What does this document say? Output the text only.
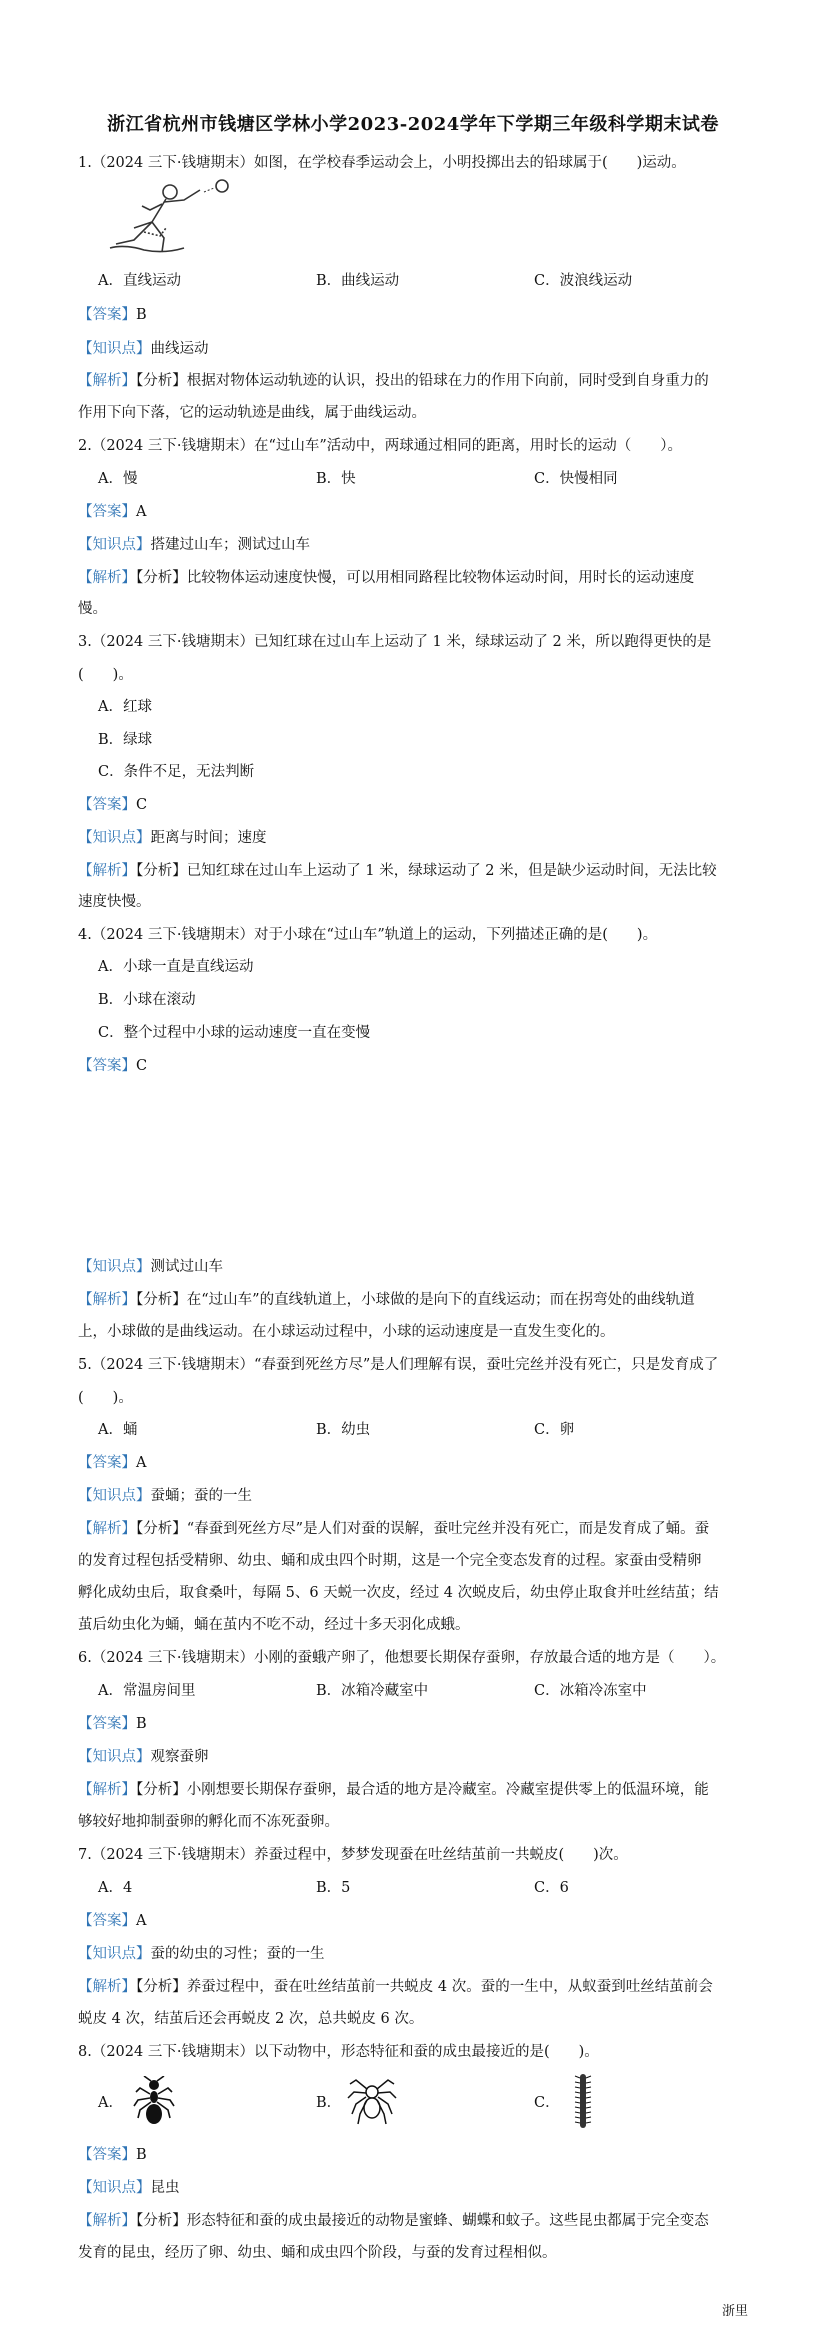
浙江省杭州市钱塘区学林小学2023-2024学年下学期三年级科学期末试卷
1.（2024 三下·钱塘期末）如图，在学校春季运动会上，小明投掷出去的铅球属于(　　)运动。
A．直线运动	B．曲线运动	C．波浪线运动
【答案】B
【知识点】曲线运动
【解析】【分析】根据对物体运动轨迹的认识，投出的铅球在力的作用下向前，同时受到自身重力的
作用下向下落，它的运动轨迹是曲线，属于曲线运动。
2.（2024 三下·钱塘期末）在“过山车”活动中，两球通过相同的距离，用时长的运动（　　）。
A．慢	B．快	C．快慢相同
【答案】A
【知识点】搭建过山车；测试过山车
【解析】【分析】比较物体运动速度快慢，可以用相同路程比较物体运动时间，用时长的运动速度
慢。
3.（2024 三下·钱塘期末）已知红球在过山车上运动了 1 米，绿球运动了 2 米，所以跑得更快的是
(　　)。
A．红球
B．绿球
C．条件不足，无法判断
【答案】C
【知识点】距离与时间；速度
【解析】【分析】已知红球在过山车上运动了 1 米，绿球运动了 2 米，但是缺少运动时间，无法比较
速度快慢。
4.（2024 三下·钱塘期末）对于小球在“过山车”轨道上的运动，下列描述正确的是(　　)。
A．小球一直是直线运动
B．小球在滚动
C．整个过程中小球的运动速度一直在变慢
【答案】C
【知识点】测试过山车
【解析】【分析】在“过山车”的直线轨道上，小球做的是向下的直线运动；而在拐弯处的曲线轨道
上，小球做的是曲线运动。在小球运动过程中，小球的运动速度是一直发生变化的。
5.（2024 三下·钱塘期末）“春蚕到死丝方尽”是人们理解有误，蚕吐完丝并没有死亡，只是发育成了
(　　)。
A．蛹	B．幼虫	C．卵
【答案】A
【知识点】蚕蛹；蚕的一生
【解析】【分析】“春蚕到死丝方尽”是人们对蚕的误解，蚕吐完丝并没有死亡，而是发育成了蛹。蚕
的发育过程包括受精卵、幼虫、蛹和成虫四个时期，这是一个完全变态发育的过程。家蚕由受精卵
孵化成幼虫后，取食桑叶，每隔 5、6 天蜕一次皮，经过 4 次蜕皮后，幼虫停止取食并吐丝结茧；结
茧后幼虫化为蛹，蛹在茧内不吃不动，经过十多天羽化成蛾。
6.（2024 三下·钱塘期末）小刚的蚕蛾产卵了，他想要长期保存蚕卵，存放最合适的地方是（　　）。
A．常温房间里	B．冰箱冷藏室中	C．冰箱冷冻室中
【答案】B
【知识点】观察蚕卵
【解析】【分析】小刚想要长期保存蚕卵，最合适的地方是冷藏室。冷藏室提供零上的低温环境，能
够较好地抑制蚕卵的孵化而不冻死蚕卵。
7.（2024 三下·钱塘期末）养蚕过程中，梦梦发现蚕在吐丝结茧前一共蜕皮(　　)次。
A．4	B．5	C．6
【答案】A
【知识点】蚕的幼虫的习性；蚕的一生
【解析】【分析】养蚕过程中，蚕在吐丝结茧前一共蜕皮 4 次。蚕的一生中，从蚁蚕到吐丝结茧前会
蜕皮 4 次，结茧后还会再蜕皮 2 次，总共蜕皮 6 次。
8.（2024 三下·钱塘期末）以下动物中，形态特征和蚕的成虫最接近的是(　　)。
A．	B．	C．
【答案】B
【知识点】昆虫
【解析】【分析】形态特征和蚕的成虫最接近的动物是蜜蜂、蝴蝶和蚊子。这些昆虫都属于完全变态
发育的昆虫，经历了卵、幼虫、蛹和成虫四个阶段，与蚕的发育过程相似。
浙里
